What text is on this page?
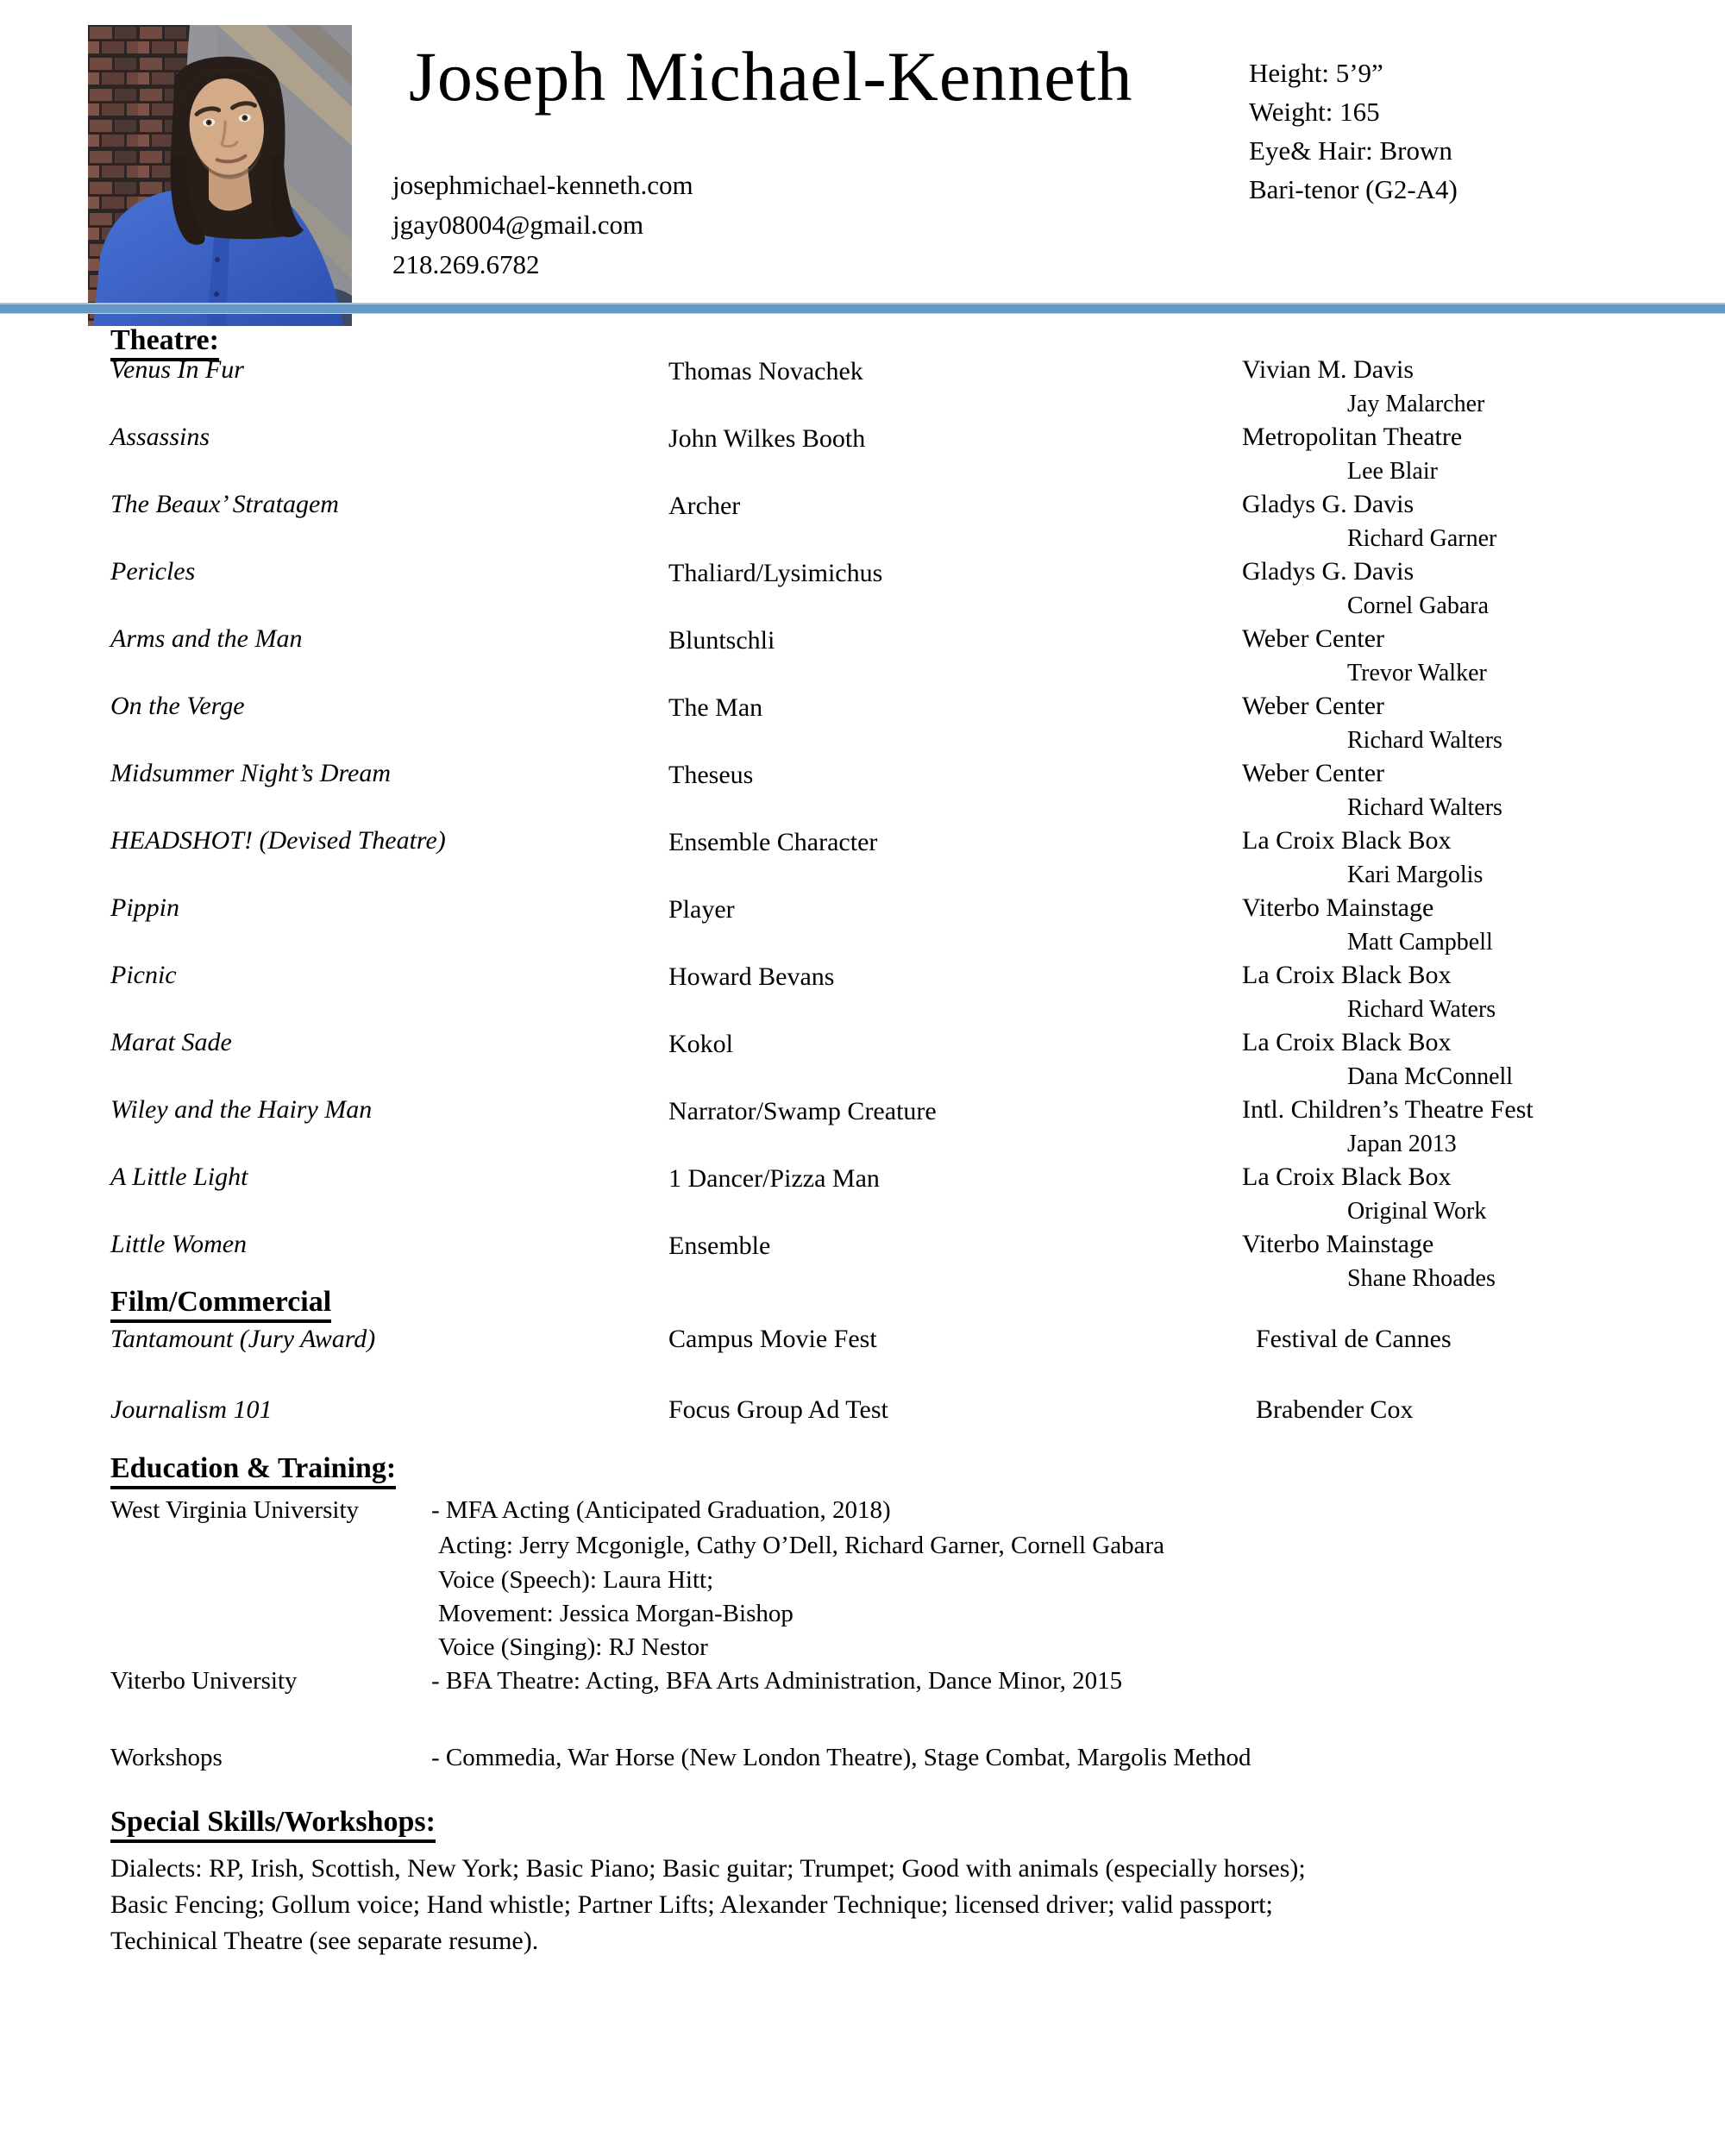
Joseph Michael-Kenneth
josephmichael-kenneth.com
jgay08004@gmail.com
218.269.6782
Height: 5’9”
Weight: 165
Eye& Hair: Brown
Bari-tenor (G2-A4)
Theatre:
Film/Commercial
Education & Training:
Special Skills/Workshops:
Venus In Fur	Thomas Novachek	Vivian M. Davis
Jay Malarcher
Assassins	John Wilkes Booth	Metropolitan Theatre
Lee Blair
The Beaux’ Stratagem	Archer	Gladys G. Davis
Richard Garner
Pericles	Thaliard/Lysimichus	Gladys G. Davis
Cornel Gabara
Arms and the Man	Bluntschli	Weber Center
Trevor Walker
On the Verge	The Man	Weber Center
Richard Walters
Midsummer Night’s Dream	Theseus	Weber Center
Richard Walters
HEADSHOT! (Devised Theatre)	Ensemble Character	La Croix Black Box
Kari Margolis
Pippin	Player	Viterbo Mainstage
Matt Campbell
Picnic	Howard Bevans	La Croix Black Box
Richard Waters
Marat Sade	Kokol	La Croix Black Box
Dana McConnell
Wiley and the Hairy Man	Narrator/Swamp Creature	Intl. Children’s Theatre Fest
Japan 2013
A Little Light	1 Dancer/Pizza Man	La Croix Black Box
Original Work
Little Women	Ensemble	Viterbo Mainstage
Shane Rhoades
Tantamount (Jury Award)	Campus Movie Fest	Festival de Cannes
Journalism 101	Focus Group Ad Test	Brabender Cox
West Virginia University	- MFA Acting (Anticipated Graduation, 2018)
Acting: Jerry Mcgonigle, Cathy O’Dell, Richard Garner, Cornell Gabara
Voice (Speech): Laura Hitt;
Movement: Jessica Morgan-Bishop
Voice (Singing): RJ Nestor
Viterbo University	- BFA Theatre: Acting, BFA Arts Administration, Dance Minor, 2015
Workshops	- Commedia, War Horse (New London Theatre), Stage Combat, Margolis Method
Dialects: RP, Irish, Scottish, New York; Basic Piano; Basic guitar; Trumpet; Good with animals (especially horses);
Basic Fencing; Gollum voice; Hand whistle; Partner Lifts; Alexander Technique; licensed driver; valid passport;
Techinical Theatre (see separate resume).
